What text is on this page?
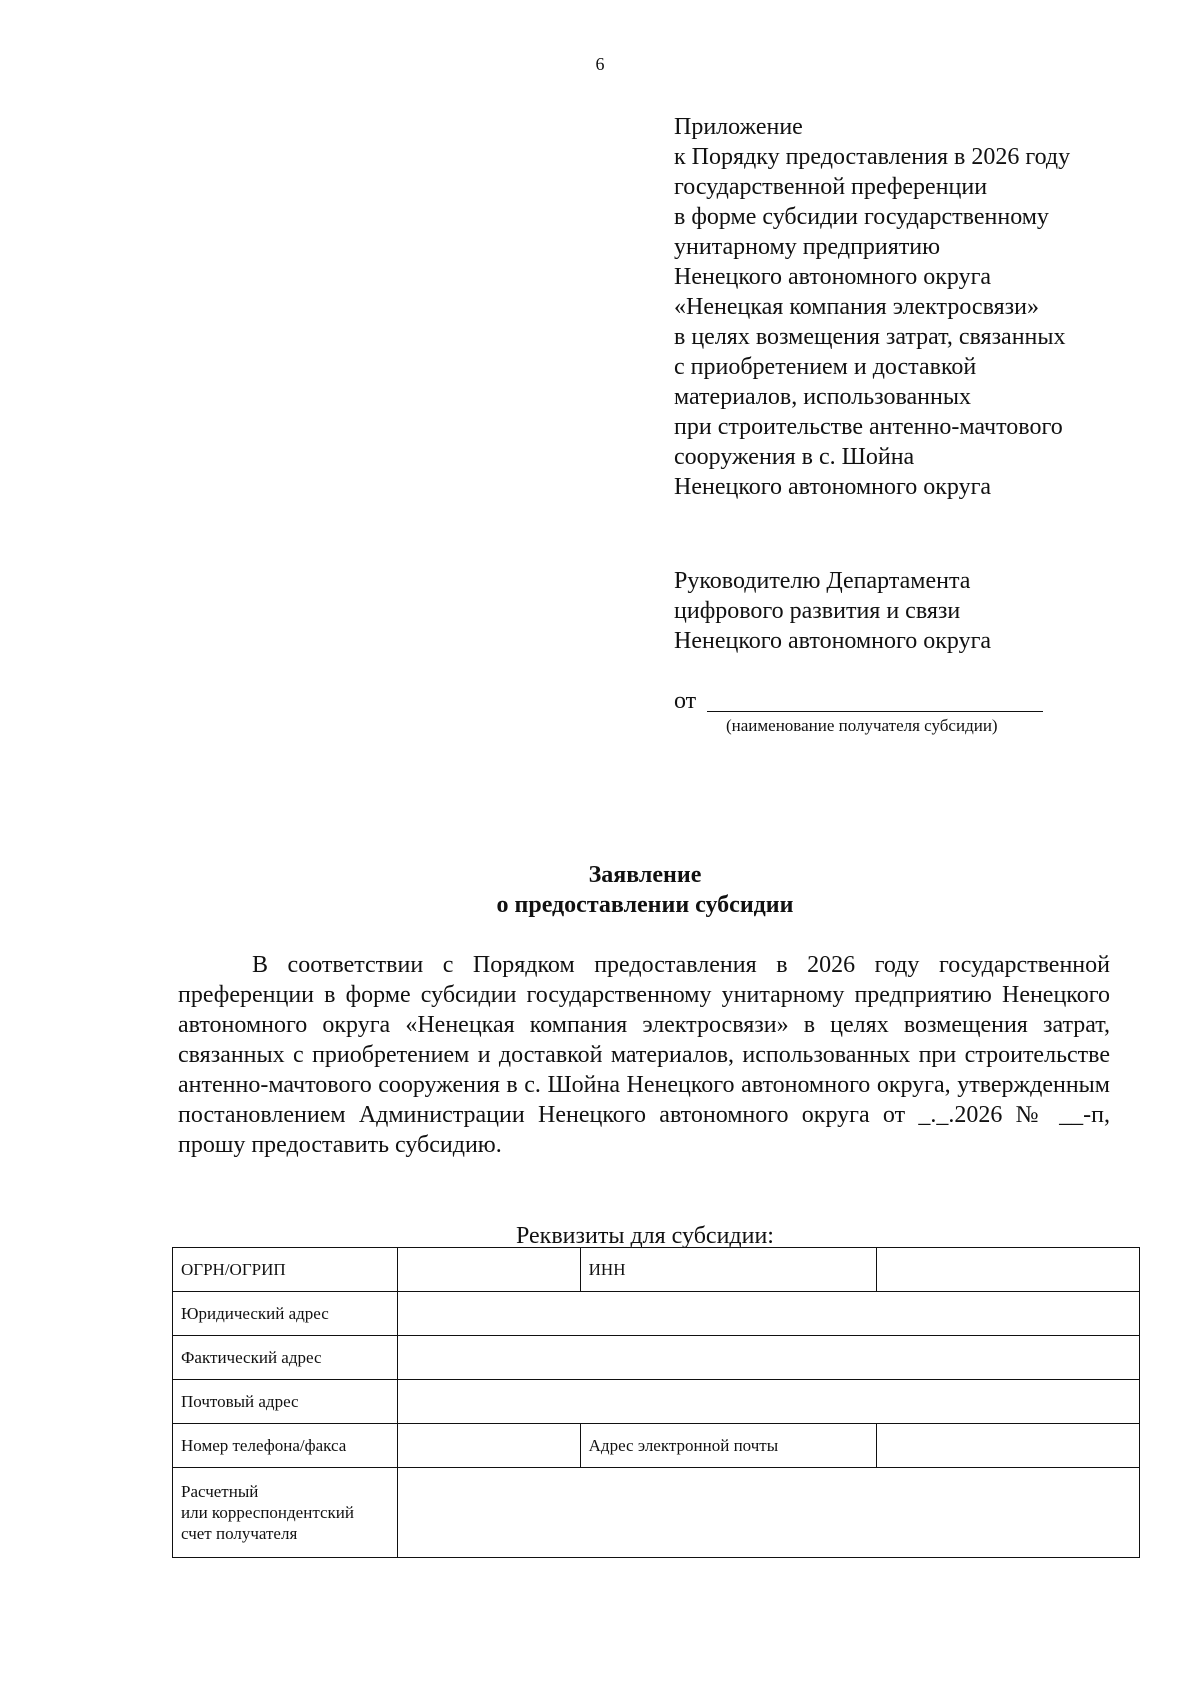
6
Приложение
к Порядку предоставления в 2026 году
государственной преференции
в форме субсидии государственному
унитарному предприятию
Ненецкого автономного округа
«Ненецкая компания электросвязи»
в целях возмещения затрат, связанных
с приобретением и доставкой
материалов, использованных
при строительстве антенно-мачтового
сооружения в с. Шойна
Ненецкого автономного округа
Руководителю Департамента
цифрового развития и связи
Ненецкого автономного округа
от
(наименование получателя субсидии)
Заявление
о предоставлении субсидии
В соответствии с Порядком предоставления в 2026 году государственной преференции в форме субсидии государственному унитарному предприятию Ненецкого автономного округа «Ненецкая компания электросвязи» в целях возмещения затрат, связанных с приобретением и доставкой материалов, использованных при строительстве антенно-мачтового сооружения в с. Шойна Ненецкого автономного округа, утвержденным постановлением Администрации Ненецкого автономного округа от _._.2026 № __-п, прошу предоставить субсидию.
Реквизиты для субсидии:
ОГРН/ОГРИП		ИНН	
Юридический адрес			
Фактический адрес			
Почтовый адрес			
Номер телефона/факса		Адрес электронной почты	

Расчетный
или корреспондентский
счет получателя			
